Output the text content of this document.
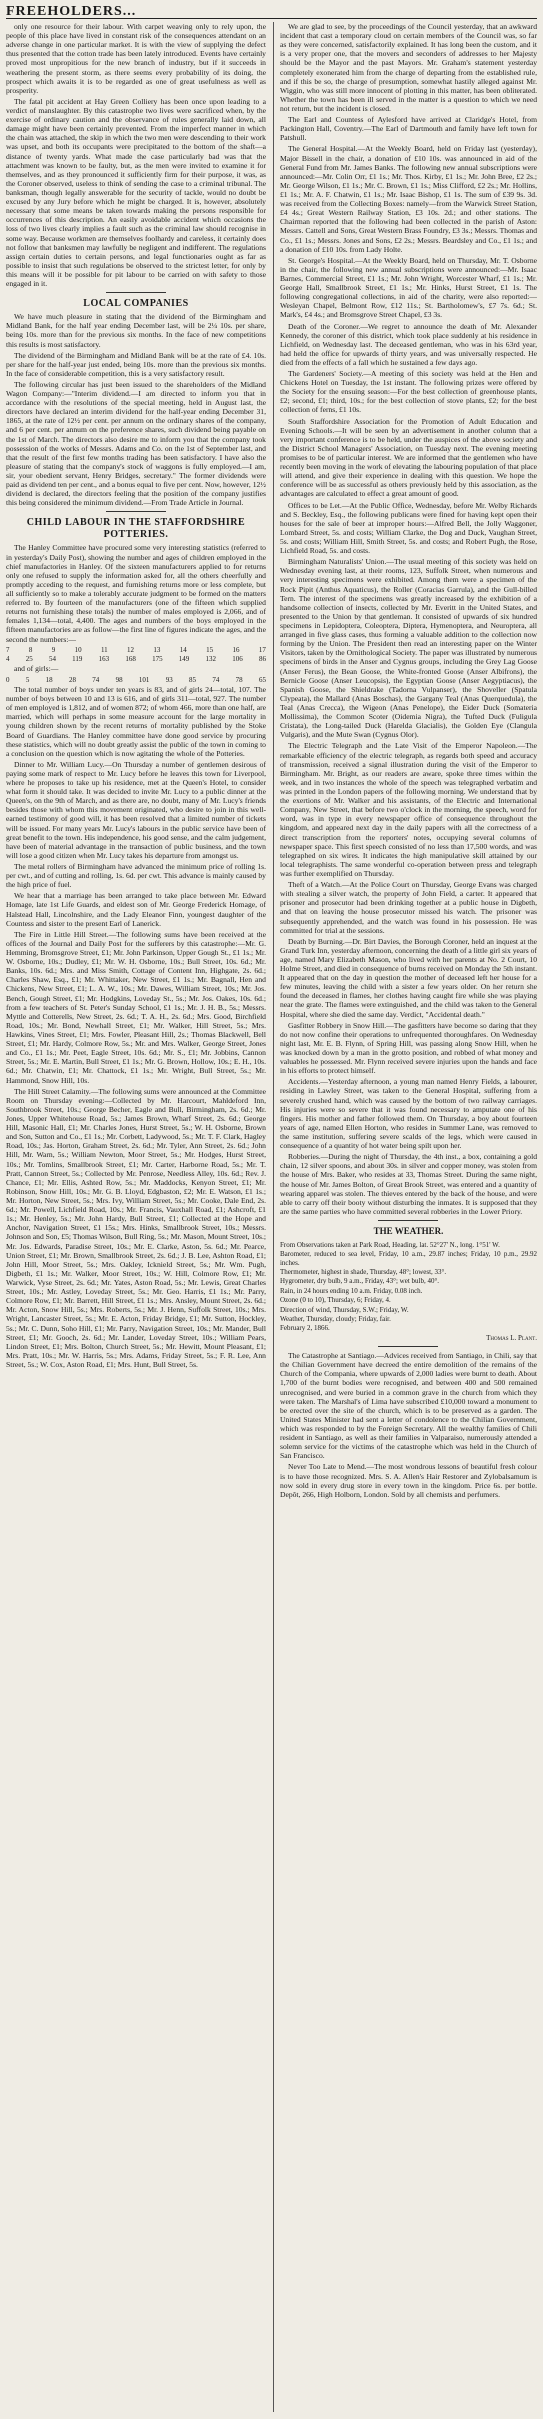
FREEHOLDERS...

only one resource for their labour. With carpet weaving only to rely upon, the people of this place have lived in constant risk of the consequences attendant on an adverse change in one particular market. It is with the view of supplying the defect thus presented that the cotton trade has been lately introduced. Events have certainly proved most unpropitious for the new branch of industry, but if it succeeds in weathering the present storm, as there seems every probability of its doing, the prospect which awaits it is to be regarded as one of great usefulness as well as prosperity.

The fatal pit accident at Hay Green Colliery has been once upon leading to a verdict of manslaughter. By this catastrophe two lives were sacrificed when, by the exercise of ordinary caution and the observance of rules generally laid down, all damage might have been certainly prevented. From the imperfect manner in which the chain was attached, the skip in which the two men were descending to their work was upset, and both its occupants were precipitated to the bottom of the shaft—a distance of twenty yards. What made the case particularly bad was that the attachment was known to be faulty, but, as the men were invited to examine it for themselves, and as they pronounced it sufficiently firm for their purpose, it was, as the Coroner observed, useless to think of sending the case to a criminal tribunal. The banksman, though legally answerable for the security of tackle, would no doubt be excused by any Jury before which he might be charged. It is, however, absolutely necessary that some means be taken towards making the persons responsible for occurrences of this description. An easily avoidable accident which occasions the loss of two lives clearly implies a fault such as the criminal law should recognise in some way. Because workmen are themselves foolhardy and careless, it certainly does not follow that banksmen may lawfully be negligent and indifferent. The regulations assign certain duties to certain persons, and legal functionaries ought as far as possible to insist that such regulations be observed to the strictest letter, for only by this means will it be possible for pit labour to be carried on with safety to those engaged in it.

LOCAL COMPANIES

We have much pleasure in stating that the dividend of the Birmingham and Midland Bank, for the half year ending December last, will be 2¼ 10s. per share, being 10s. more than for the previous six months. In the face of new competitions this results is most satisfactory.

The dividend of the Birmingham and Midland Bank will be at the rate of £4. 10s. per share for the half-year just ended, being 10s. more than the previous six months. In the face of considerable competition, this is a very satisfactory result.

The following circular has just been issued to the shareholders of the Midland Wagon Company:—"Interim dividend.—I am directed to inform you that in accordance with the resolutions of the special meeting, held in August last, the directors have declared an interim dividend for the half-year ending December 31, 1865, at the rate of 12½ per cent. per annum on the ordinary shares of the company, and 6 per cent. per annum on the preference shares, such dividend being payable on the 1st of March. The directors also desire me to inform you that the company took possession of the works of Messrs. Adams and Co. on the 1st of September last, and that the result of the first few months trading has been satisfactory. I have also the pleasure of stating that the company's stock of waggons is fully employed.—I am, sir, your obedient servant, Henry Bridges, secretary." The former dividends were paid as dividend ten per cent., and a bonus equal to five per cent. Now, however, 12½ dividend is declared, the directors feeling that the position of the company justifies this being considered the minimum dividend.—From Trade Article in Journal.

CHILD LABOUR IN THE STAFFORDSHIRE POTTERIES.

The Hanley Committee have procured some very interesting statistics (referred to in yesterday's Daily Post), showing the number and ages of children employed in the chief manufactories in Hanley. Of the sixteen manufacturers applied to for returns only one refused to supply the information asked for, all the others cheerfully and promptly acceding to the request, and furnishing returns more or less complete, but all sufficiently so to make a tolerably accurate judgment to be formed on the matters referred to. By fourteen of the manufacturers (one of the fifteen which supplied returns not furnishing these totals) the number of males employed is 2,066, and of females 1,134—total, 4,400. The ages and numbers of the boys employed in the fifteen manufactories are as follow—the first line of figures indicate the ages, and the second the numbers:—

7	8	9	10	11	12	13	14	15	16	17
4 25 54 119 163 168 175 149 132 106 86

and of girls:—

0 5 18 28 74 98 101 93 85 74 78 65

The total number of boys under ten years is 83, and of girls 24—total, 107. The number of boys between 10 and 13 is 616, and of girls 311—total, 927. The number of men employed is 1,812, and of women 872; of whom 466, more than one half, are married, which will perhaps in some measure account for the large mortality in young children shown by the recent returns of mortality published by the Stoke Board of Guardians. The Hanley committee have done good service by procuring these statistics, which will no doubt greatly assist the public of the town in coming to a conclusion on the question which is now agitating the whole of the Potteries.

Dinner to Mr. William Lucy.—On Thursday a number of gentlemen desirous of paying some mark of respect to Mr. Lucy before he leaves this town for Liverpool, where he proposes to take up his residence, met at the Queen's Hotel, to consider what form it should take. It was decided to invite Mr. Lucy to a public dinner at the Queen's, on the 9th of March, and as there are, no doubt, many of Mr. Lucy's friends besides those with whom this movement originated, who desire to join in this well-earned testimony of good will, it has been resolved that a limited number of tickets will be issued. For many years Mr. Lucy's labours in the public service have been of great benefit to the town. His independence, his good sense, and the calm judgement, have been of material advantage in the transaction of public business, and the town will lose a good citizen when Mr. Lucy takes his departure from amongst us.

The metal rollers of Birmingham have advanced the minimum price of rolling 1s. per cwt., and of cutting and rolling, 1s. 6d. per cwt. This advance is mainly caused by the high price of fuel.

We hear that a marriage has been arranged to take place between Mr. Edward Homage, late 1st Life Guards, and eldest son of Mr. George Frederick Homage, of Halstead Hall, Lincolnshire, and the Lady Eleanor Finn, youngest daughter of the Countess and sister to the present Earl of Lanerick.

The Fire in Little Hill Street.—The following sums have been received at the offices of the Journal and Daily Post for the sufferers by this catastrophe:—Mr. G. Hemming, Bromsgrove Street, £1; Mr. John Parkinson, Upper Gough St., £1 1s.; Mr. W. Osborne, 10s.; Dudley, £1; Mr. W. H. Osborne, 10s.; Bull Street, 10s. 6d.; Mr. Banks, 10s. 6d.; Mrs. and Miss Smith, Cottage of Content Inn, Highgate, 2s. 6d.; Charles Shaw, Esq., £1; Mr. Whittaker, New Street, £1 1s.; Mr. Bagnall, Hen and Chickens, New Street, £1; L. A. W., 10s.; Mr. Dawes, William Street, 10s.; Mr. Jos. Bench, Gough Street, £1; Mr. Hodgkins, Loveday St., 5s.; Mr. Jos. Oakes, 10s. 6d.; from a few teachers of St. Peter's Sunday School, £1 1s.; Mr. J. H. B., 5s.; Messrs. Myttle and Cotterells, New Street, 2s. 6d.; T. A. H., 2s. 6d.; Mrs. Good, Birchfield Road, 10s.; Mr. Bond, Newhall Street, £1; Mr. Walker, Hill Street, 5s.; Mrs. Hawkins, Vines Street, £1; Mrs. Fowler, Pleasant Hill, 2s.; Thomas Blackwell, Bell Street, £1; Mr. Hardy, Colmore Row, 5s.; Mr. and Mrs. Walker, George Street, Jones and Co., £1 1s.; Mr. Peet, Eagle Street, 10s. 6d.; Mr. S., £1; Mr. Jobbins, Cannon Street, 5s.; Mr. E. Martin, Bull Street, £1 1s.; Mr. G. Brown, Hollow, 10s.; E. H., 10s. 6d.; Mr. Chatwin, £1; Mr. Chattock, £1 1s.; Mr. Wright, Bull Street, 5s.; Mr. Hammond, Snow Hill, 10s.

The Hill Street Calamity.—The following sums were announced at the Committee Room on Thursday evening:—Collected by Mr. Harcourt, Mahldeford Inn, Southbrook Street, 10s.; George Becher, Eagle and Bull, Birmingham, 2s. 6d.; Mr. Jones, Upper Whitehouse Road, 5s.; James Brown, Wharf Street, 2s. 6d.; George Hill, Masonic Hall, £1; Mr. Charles Jones, Hurst Street, 5s.; W. H. Osborne, Brown and Son, Sutton and Co., £1 1s.; Mr. Corbett, Ladywood, 5s.; Mr. T. F. Clark, Hagley Road, 10s.; Jas. Horton, Graham Street, 2s. 6d.; Mr. Tyler, Ann Street, 2s. 6d.; John Hill, Mr. Warn, 5s.; William Newton, Moor Street, 5s.; Mr. Hodges, Hurst Street, 10s.; Mr. Tomlins, Smallbrook Street, £1; Mr. Carter, Harborne Road, 5s.; Mr. T. Pratt, Cannon Street, 5s.; Collected by Mr. Penrose, Needless Alley, 10s. 6d.; Rev. J. Chance, £1; Mr. Ellis, Ashted Row, 5s.; Mr. Maddocks, Kenyon Street, £1; Mr. Robinson, Snow Hill, 10s.; Mr. G. B. Lloyd, Edgbaston, £2; Mr. E. Watson, £1 1s.; Mr. Horton, New Street, 5s.; Mrs. Ivy, William Street, 5s.; Mr. Cooke, Dale End, 2s. 6d.; Mr. Powell, Lichfield Road, 10s.; Mr. Francis, Vauxhall Road, £1; Ashcroft, £1 1s.; Mr. Henley, 5s.; Mr. John Hardy, Bull Street, £1; Collected at the Hope and Anchor, Navigation Street, £1 15s.; Mrs. Hinks, Smallbrook Street, 10s.; Messrs. Johnson and Son, £5; Thomas Wilson, Bull Ring, 5s.; Mr. Mason, Mount Street, 10s.; Mr. Jos. Edwards, Paradise Street, 10s.; Mr. E. Clarke, Aston, 5s. 6d.; Mr. Pearce, Union Street, £1; Mr. Brown, Smallbrook Street, 2s. 6d.; J. B. Lee, Ashton Road, £1; John Hill, Moor Street, 5s.; Mrs. Oakley, Icknield Street, 5s.; Mr. Wm. Pugh, Digbeth, £1 1s.; Mr. Walker, Moor Street, 10s.; W. Hill, Colmore Row, £1; Mr. Warwick, Vyse Street, 2s. 6d.; Mr. Yates, Aston Road, 5s.; Mr. Lewis, Great Charles Street, 10s.; Mr. Astley, Loveday Street, 5s.; Mr. Geo. Harris, £1 1s.; Mr. Parry, Colmore Row, £1; Mr. Barrett, Hill Street, £1 1s.; Mrs. Ansley, Mount Street, 2s. 6d.; Mr. Acton, Snow Hill, 5s.; Mrs. Roberts, 5s.; Mr. J. Henn, Suffolk Street, 10s.; Mrs. Wright, Lancaster Street, 5s.; Mr. E. Acton, Friday Bridge, £1; Mr. Sutton, Hockley, 5s.; Mr. C. Dunn, Soho Hill, £1; Mr. Parry, Navigation Street, 10s.; Mr. Mander, Bull Street, £1; Mr. Gooch, 2s. 6d.; Mr. Lander, Loveday Street, 10s.; William Pears, Lindon Street, £1; Mrs. Bolton, Church Street, 5s.; Mr. Hewitt, Mount Pleasant, £1; Mrs. Pratt, 10s.; Mr. W. Harris, 5s.; Mrs. Adams, Friday Street, 5s.; F. R. Lee, Ann Street, 5s.; W. Cox, Aston Road, £1; Mrs. Hunt, Bull Street, 5s.

We are glad to see, by the proceedings of the Council yesterday, that an awkward incident that cast a temporary cloud on certain members of the Council was, so far as they were concerned, satisfactorily explained. It has long been the custom, and it is a very proper one, that the movers and seconders of addresses to her Majesty should be the Mayor and the past Mayors. Mr. Graham's statement yesterday completely exonerated him from the charge of departing from the established rule, and if this be so, the charge of presumption, somewhat hastily alleged against Mr. Wiggin, who was still more innocent of plotting in this matter, has been obliterated. Whether the town has been ill served in the matter is a question to which we need not return, but the incident is closed.

The Earl and Countess of Aylesford have arrived at Claridge's Hotel, from Packington Hall, Coventry.—The Earl of Dartmouth and family have left town for Patshull.

The General Hospital.—At the Weekly Board, held on Friday last (yesterday), Major Bissell in the chair, a donation of £10 10s. was announced in aid of the General Fund from Mr. James Banks. The following new annual subscriptions were announced:—Mr. Colin Orr, £1 1s.; Mr. Thos. Kirby, £1 1s.; Mr. John Bree, £2 2s.; Mr. George Wilson, £1 1s.; Mr. C. Brown, £1 1s.; Miss Clifford, £2 2s.; Mr. Hollins, £1 1s.; Mr. A. F. Chatwin, £1 1s.; Mr. Isaac Bishop, £1 1s. The sum of £39 9s. 3d. was received from the Collecting Boxes: namely—from the Warwick Street Station, £4 4s.; Great Western Railway Station, £3 10s. 2d.; and other stations. The Chairman reported that the following had been collected in the parish of Aston: Messrs. Cattell and Sons, Great Western Brass Foundry, £3 3s.; Messrs. Thomas and Co., £1 1s.; Messrs. Jones and Sons, £2 2s.; Messrs. Beardsley and Co., £1 1s.; and a donation of £10 10s. from Lady Holte.

St. George's Hospital.—At the Weekly Board, held on Thursday, Mr. T. Osborne in the chair, the following new annual subscriptions were announced:—Mr. Isaac Barnes, Commercial Street, £1 1s.; Mr. John Wright, Worcester Wharf, £1 1s.; Mr. George Hall, Smallbrook Street, £1 1s.; Mr. Hinks, Hurst Street, £1 1s. The following congregational collections, in aid of the charity, were also reported:—Wesleyan Chapel, Belmont Row, £12 11s.; St. Bartholomew's, £7 7s. 6d.; St. Mark's, £4 4s.; and Bromsgrove Street Chapel, £3 3s.

Death of the Coroner.—We regret to announce the death of Mr. Alexander Kennedy, the coroner of this district, which took place suddenly at his residence in Lichfield, on Wednesday last. The deceased gentleman, who was in his 63rd year, had held the office for upwards of thirty years, and was universally respected. He died from the effects of a fall which he sustained a few days ago.

The Gardeners' Society.—A meeting of this society was held at the Hen and Chickens Hotel on Tuesday, the 1st instant. The following prizes were offered by the Society for the ensuing season:—For the best collection of greenhouse plants, £2; second, £1; third, 10s.; for the best collection of stove plants, £2; for the best collection of ferns, £1 10s.

South Staffordshire Association for the Promotion of Adult Education and Evening Schools.—It will be seen by an advertisement in another column that a very important conference is to be held, under the auspices of the above society and the District School Managers' Association, on Tuesday next. The evening meeting promises to be of particular interest. We are informed that the gentlemen who have recently been moving in the work of elevating the labouring population of that place will attend, and give their experience in dealing with this question. We hope the conference will be as successful as others previously held by this association, as the advantages are calculated to effect a great amount of good.

Offices to be Let.—At the Public Office, Wednesday, before Mr. Welby Richards and S. Beckley, Esq., the following publicans were fined for having kept open their houses for the sale of beer at improper hours:—Alfred Bell, the Jolly Waggoner, Lombard Street, 5s. and costs; William Clarke, the Dog and Duck, Vaughan Street, 5s. and costs; William Hill, Smith Street, 5s. and costs; and Robert Pugh, the Rose, Lichfield Road, 5s. and costs.

Birmingham Naturalists' Union.—The usual meeting of this society was held on Wednesday evening last, at their rooms, 123, Suffolk Street, when numerous and very interesting specimens were exhibited. Among them were a specimen of the Rock Pipit (Anthus Aquaticus), the Roller (Coracias Garrula), and the Gull-billed Tern. The interest of the specimens was greatly increased by the exhibition of a handsome collection of insects, collected by Mr. Everitt in the United States, and presented to the Union by that gentleman. It consisted of upwards of six hundred specimens in Lepidoptera, Coleoptera, Diptera, Hymenoptera, and Neuroptera, all arranged in five glass cases, thus forming a valuable addition to the collection now forming by the Union. The President then read an interesting paper on the Winter Visitors, taken by the Ornithological Society. The paper was illustrated by numerous specimens of birds in the Anser and Cygnus groups, including the Grey Lag Goose (Anser Ferus), the Bean Goose, the White-fronted Goose (Anser Albifrons), the Bernicle Goose (Anser Leucopsis), the Egyptian Goose (Anser Aegyptiacus), the Spanish Goose, the Shieldrake (Tadorna Vulpanser), the Shoveller (Spatula Clypeata), the Mallard (Anas Boschas), the Gargany Teal (Anas Querquedula), the Teal (Anas Crecca), the Wigeon (Anas Penelope), the Eider Duck (Somateria Mollissima), the Common Scoter (Oidemia Nigra), the Tufted Duck (Fuligula Cristata), the Long-tailed Duck (Harelda Glacialis), the Golden Eye (Clangula Vulgaris), and the Mute Swan (Cygnus Olor).

The Electric Telegraph and the Late Visit of the Emperor Napoleon.—The remarkable efficiency of the electric telegraph, as regards both speed and accuracy of transmission, received a signal illustration during the visit of the Emperor to Birmingham. Mr. Bright, as our readers are aware, spoke three times within the week, and in two instances the whole of the speech was telegraphed verbatim and was printed in the London papers of the following morning. We understand that by the exertions of Mr. Walker and his assistants, of the Electric and International Company, New Street, that before two o'clock in the morning, the speech, word for word, was in type in every newspaper office of consequence throughout the kingdom, and appeared next day in the daily papers with all the correctness of a direct transcription from the reporters' notes, occupying several columns of newspaper space. This first speech consisted of no less than 17,500 words, and was telegraphed on six wires. It indicates the high manipulative skill attained by our local telegraphists. The same wonderful co-operation between press and telegraph was further exemplified on Thursday.

Theft of a Watch.—At the Police Court on Thursday, George Evans was charged with stealing a silver watch, the property of John Field, a carter. It appeared that prisoner and prosecutor had been drinking together at a public house in Digbeth, and that on leaving the house prosecutor missed his watch. The prisoner was subsequently apprehended, and the watch was found in his possession. He was committed for trial at the sessions.

Death by Burning.—Dr. Birt Davies, the Borough Coroner, held an inquest at the Grand Turk Inn, yesterday afternoon, concerning the death of a little girl six years of age, named Mary Elizabeth Mason, who lived with her parents at No. 2 Court, 10 Holme Street, and died in consequence of burns received on Monday the 5th instant. It appeared that on the day in question the mother of deceased left her house for a few minutes, leaving the child with a sister a few years older. On her return she found the deceased in flames, her clothes having caught fire while she was playing near the grate. The flames were extinguished, and the child was taken to the General Hospital, where she died the same day. Verdict, "Accidental death."

Gasfitter Robbery in Snow Hill.—The gasfitters have become so daring that they do not now confine their operations to unfrequented thoroughfares. On Wednesday night last, Mr. E. B. Flynn, of Spring Hill, was passing along Snow Hill, when he was knocked down by a man in the grotto position, and robbed of what money and valuables he possessed. Mr. Flynn received severe injuries upon the hands and face in his efforts to protect himself.

Accidents.—Yesterday afternoon, a young man named Henry Fields, a labourer, residing in Lawley Street, was taken to the General Hospital, suffering from a severely crushed hand, which was caused by the bottom of two railway carriages. His injuries were so severe that it was found necessary to amputate one of his fingers. His mother and father followed them. On Thursday, a boy about fourteen years of age, named Ellen Horton, who resides in Summer Lane, was removed to the same institution, suffering severe scalds of the legs, which were caused in consequence of a quantity of hot water being spilt upon her.

Robberies.—During the night of Thursday, the 4th inst., a box, containing a gold chain, 12 silver spoons, and about 30s. in silver and copper money, was stolen from the house of Mrs. Baker, who resides at 33, Thomas Street. During the same night, the house of Mr. James Bolton, of Great Brook Street, was entered and a quantity of wearing apparel was stolen. The thieves entered by the back of the house, and were able to carry off their booty without disturbing the inmates. It is supposed that they are the same parties who have committed several robberies in the Lower Priory.

THE WEATHER.

From Observations taken at Park Road, Heading, lat. 52°27' N., long. 1°51' W.

Barometer, reduced to sea level, Friday, 10 a.m., 29.87 inches; Friday, 10 p.m., 29.92 inches.

Thermometer, highest in shade, Thursday, 48°; lowest, 33°.

Hygrometer, dry bulb, 9 a.m., Friday, 43°; wet bulb, 40°.

Rain, in 24 hours ending 10 a.m. Friday, 0.08 inch.

Ozone (0 to 10), Thursday, 6; Friday, 4.

Direction of wind, Thursday, S.W.; Friday, W.

Weather, Thursday, cloudy; Friday, fair.

February 2, 1866.

Thomas L. Plant.

The Catastrophe at Santiago.—Advices received from Santiago, in Chili, say that the Chilian Government have decreed the entire demolition of the remains of the Church of the Compania, where upwards of 2,000 ladies were burnt to death. About 1,700 of the burnt bodies were recognised, and between 400 and 500 remained unrecognised, and were buried in a common grave in the church from which they were taken. The Marshal's of Lima have subscribed £10,000 toward a monument to be erected over the site of the church, which is to be preserved as a garden. The United States Minister had sent a letter of condolence to the Chilian Government, which was responded to by the Foreign Secretary. All the wealthy families of Chili resident in Santiago, as well as their families in Valparaiso, numerously attended a solemn service for the victims of the catastrophe which was held in the Church of San Francisco.

Never Too Late to Mend.—The most wondrous lessons of beautiful fresh colour is to have those recognized. Mrs. S. A. Allen's Hair Restorer and Zylobalsamum is now sold in every drug store in every town in the kingdom. Price 6s. per bottle. Depôt, 266, High Holborn, London. Sold by all chemists and perfumers.
